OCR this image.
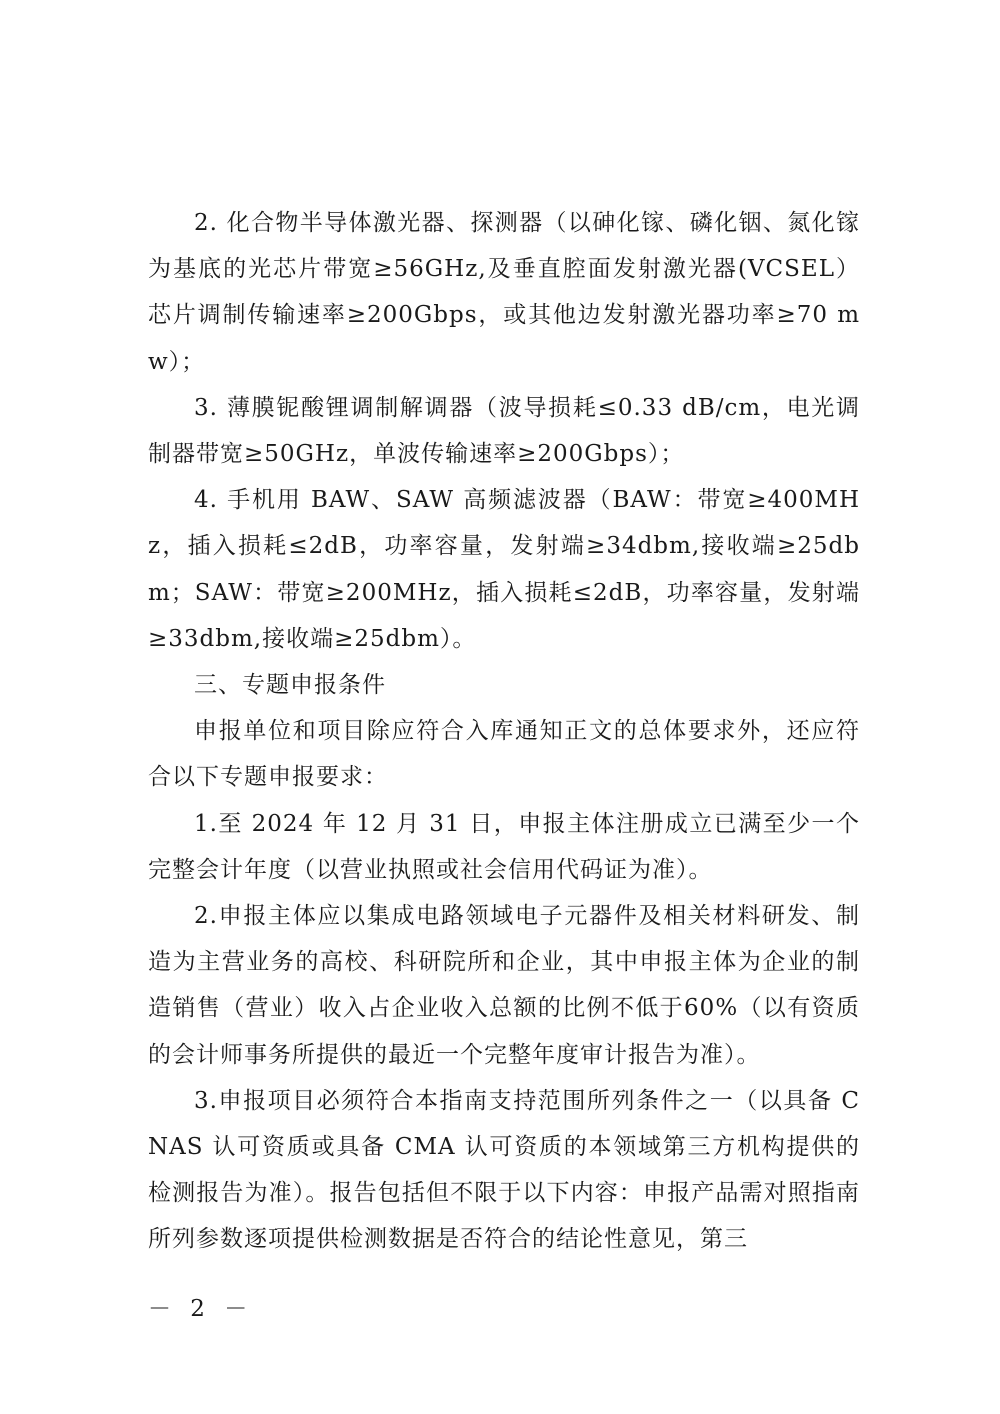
2. 化合物半导体激光器、探测器（以砷化镓、磷化铟、氮化镓为基底的光芯片带宽≥56GHz,及垂直腔面发射激光器(VCSEL）芯片调制传输速率≥200Gbps，或其他边发射激光器功率≥70 mw）；

3. 薄膜铌酸锂调制解调器（波导损耗≤0.33 dB/cm，电光调制器带宽≥50GHz，单波传输速率≥200Gbps）；

4. 手机用 BAW、SAW 高频滤波器（BAW：带宽≥400MHz，插入损耗≤2dB，功率容量，发射端≥34dbm,接收端≥25dbm；SAW：带宽≥200MHz，插入损耗≤2dB，功率容量，发射端≥33dbm,接收端≥25dbm）。

三、专题申报条件

申报单位和项目除应符合入库通知正文的总体要求外，还应符合以下专题申报要求：

1.至 2024 年 12 月 31 日，申报主体注册成立已满至少一个完整会计年度（以营业执照或社会信用代码证为准）。

2.申报主体应以集成电路领域电子元器件及相关材料研发、制造为主营业务的高校、科研院所和企业，其中申报主体为企业的制造销售（营业）收入占企业收入总额的比例不低于60%（以有资质的会计师事务所提供的最近一个完整年度审计报告为准）。

3.申报项目必须符合本指南支持范围所列条件之一（以具备 CNAS 认可资质或具备 CMA 认可资质的本领域第三方机构提供的检测报告为准）。报告包括但不限于以下内容：申报产品需对照指南所列参数逐项提供检测数据是否符合的结论性意见，第三

－ 2 －
